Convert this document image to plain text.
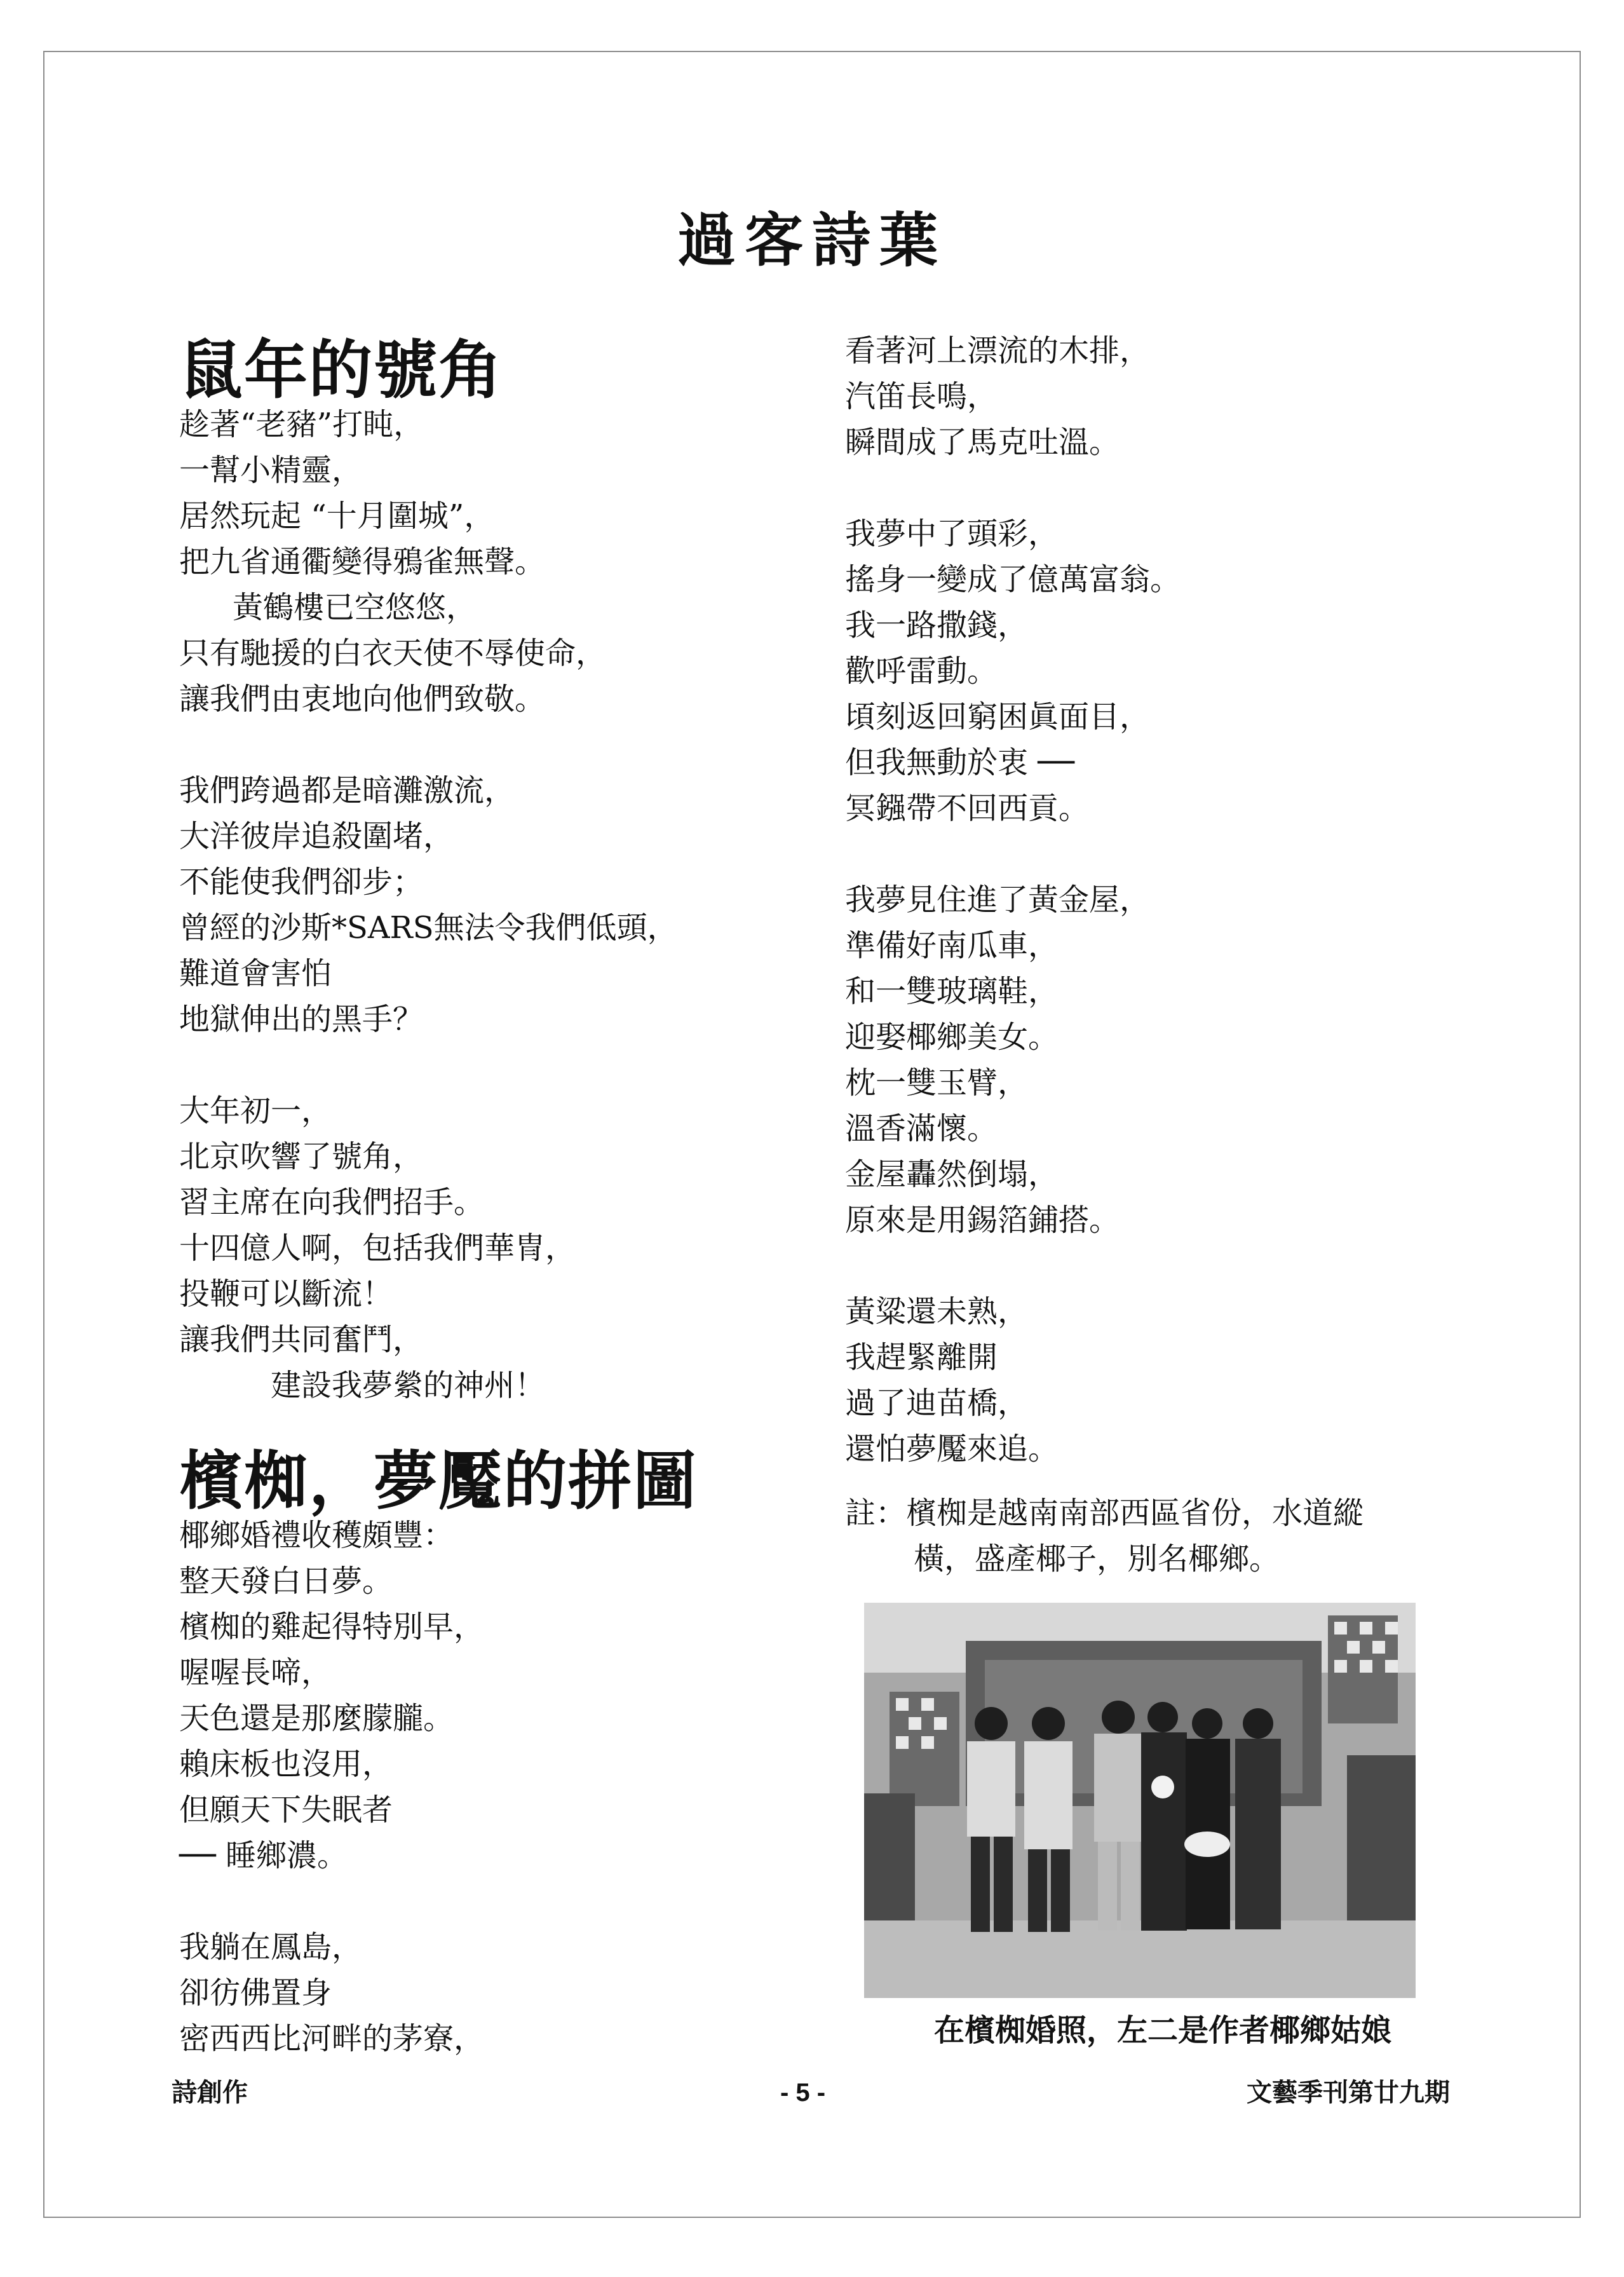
過客詩葉
鼠年的號角
趁著“老豬”打盹，
一幫小精靈，
居然玩起 “十月圍城”，
把九省通衢變得鴉雀無聲。
黃鶴樓已空悠悠，
只有馳援的白衣天使不辱使命，
讓我們由衷地向他們致敬。
我們跨過都是暗灘激流，
大洋彼岸追殺圍堵，
不能使我們卻步；
曾經的沙斯*SARS無法令我們低頭，
難道會害怕
地獄伸出的黑手？
大年初一，
北京吹響了號角，
習主席在向我們招手。
十四億人啊，包括我們華冑，
投鞭可以斷流！
讓我們共同奮鬥，
建設我夢縈的神州！
檳椥，夢魘的拼圖
椰鄉婚禮收穫頗豐：
整天發白日夢。
檳椥的雞起得特別早，
喔喔長啼，
天色還是那麼朦朧。
賴床板也沒用，
但願天下失眠者
── 睡鄉濃。
我躺在鳳島，
卻彷佛置身
密西西比河畔的茅寮，
看著河上漂流的木排，
汽笛長鳴，
瞬間成了馬克吐溫。
我夢中了頭彩，
搖身一變成了億萬富翁。
我一路撒錢，
歡呼雷動。
頃刻返回窮困眞面目，
但我無動於衷 ──
冥鏹帶不回西貢。
我夢見住進了黃金屋，
準備好南瓜車，
和一雙玻璃鞋，
迎娶椰鄉美女。
枕一雙玉臂，
溫香滿懷。
金屋轟然倒塌，
原來是用錫箔鋪搭。
黃粱還未熟，
我趕緊離開
過了迪苗橋，
還怕夢魘來追。
註：檳椥是越南南部西區省份，水道縱
橫，盛產椰子，別名椰鄉。
在檳椥婚照，左二是作者椰鄉姑娘
詩創作	- 5 -	文藝季刊第廿九期
